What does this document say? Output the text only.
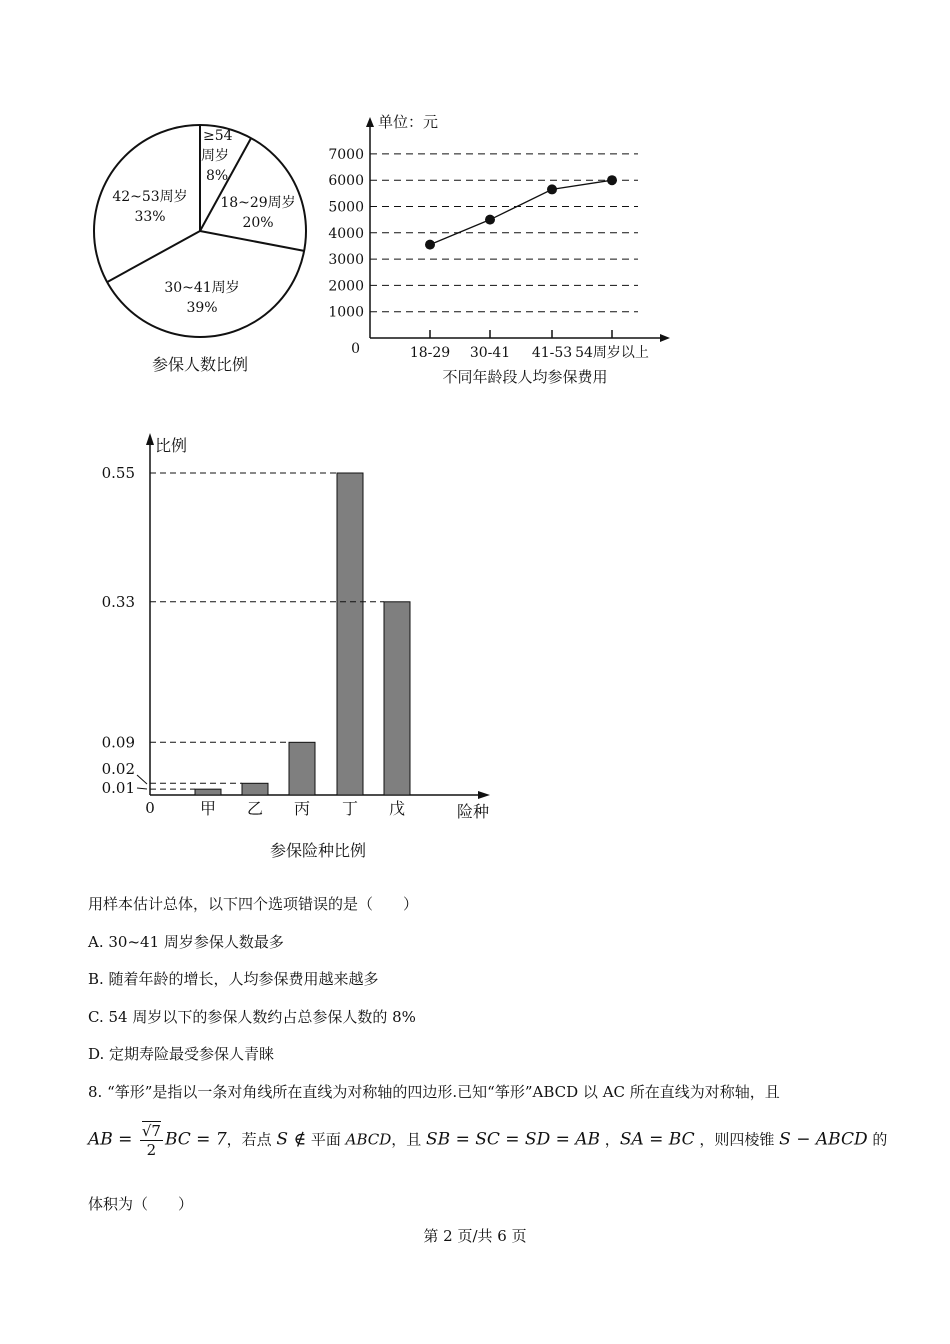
≥54
周岁
8%
18~29周岁
20%
30~41周岁
39%
42~53周岁
33%
参保人数比例
单位：元
1000
2000
3000
4000
5000
6000
7000
0	18-29 30-41 41-53 54周岁以上
不同年龄段人均参保费用
比例
险种
0	甲 乙 丙 丁 戊
0.55
0.33
0.09
0.02
0.01
参保险种比例
用样本估计总体，以下四个选项错误的是（　　）
A. 30~41 周岁参保人数最多
B. 随着年龄的增长，人均参保费用越来越多
C. 54 周岁以下的参保人数约占总参保人数的 8%
D. 定期寿险最受参保人青睐
8. “筝形”是指以一条对角线所在直线为对称轴的四边形.已知“筝形”ABCD 以 AC 所在直线为对称轴，且
AB = $\frac{√7}{2}$ BC = 7，若点 S ∉ 平面 ABCD，且 SB = SC = SD = AB ，SA = BC ，则四棱锥 S − ABCD 的
体积为（　　）
第 2 页/共 6 页
